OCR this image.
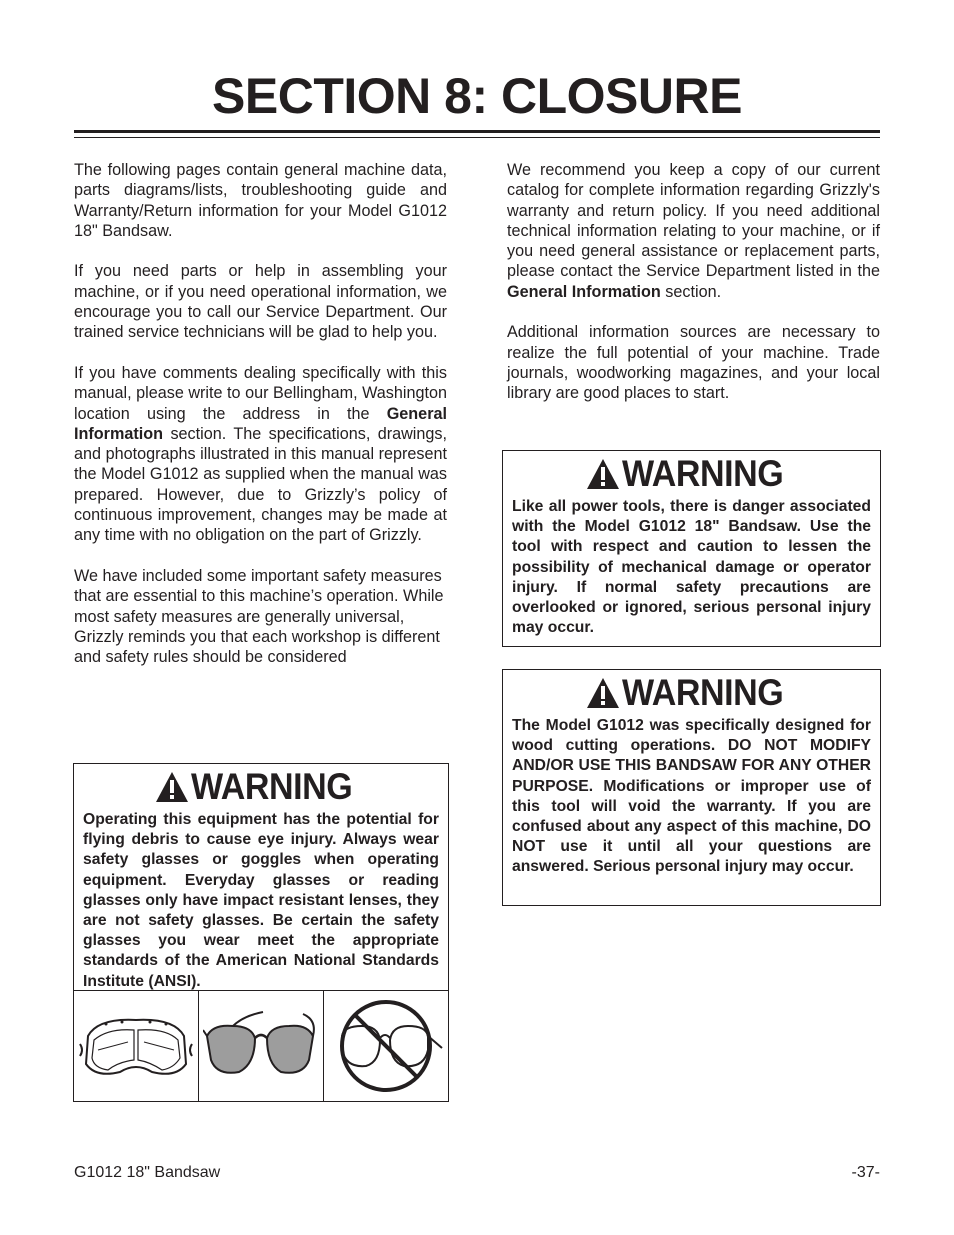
SECTION 8: CLOSURE

The following pages contain general machine data, parts diagrams/lists, troubleshooting guide and Warranty/Return information for your Model G1012 18" Bandsaw.

If you need parts or help in assembling your machine, or if you need operational information, we encourage you to call our Service Department. Our trained service technicians will be glad to help you.

If you have comments dealing specifically with this manual, please write to our Bellingham, Washington location using the address in the General Information section. The specifications, drawings, and photographs illustrated in this manual represent the Model G1012 as supplied when the manual was prepared. However, due to Grizzly’s policy of continuous improvement, changes may be made at any time with no obligation on the part of Grizzly.

We have included some important safety measures that are essential to this machine’s operation. While most safety measures are generally universal, Grizzly reminds you that each workshop is different and safety rules should be considered

We recommend you keep a copy of our current catalog for complete information regarding Grizzly's warranty and return policy. If you need additional technical information relating to your machine, or if you need general assistance or replacement parts, please contact the Service Department listed in the General Information section.

Additional information sources are necessary to realize the full potential of your machine. Trade journals, woodworking magazines, and your local library are good places to start.

WARNING
Operating this equipment has the potential for flying debris to cause eye injury. Always wear safety glasses or goggles when operating equipment. Everyday glasses or reading glasses only have impact resistant lenses, they are not safety glasses. Be certain the safety glasses you wear meet the appropriate standards of the American National Standards Institute (ANSI).
WARNING
Like all power tools, there is danger associated with the Model G1012 18" Bandsaw. Use the tool with respect and caution to lessen the possibility of mechanical damage or operator injury. If normal safety precautions are overlooked or ignored, serious personal injury may occur.
WARNING
The Model G1012 was specifically designed for wood cutting operations. DO NOT MODIFY AND/OR USE THIS BANDSAW FOR ANY OTHER PURPOSE. Modifications or improper use of this tool will void the warranty. If you are confused about any aspect of this machine, DO NOT use it until all your questions are answered. Serious personal injury may occur.
G1012 18" Bandsaw	-37-
